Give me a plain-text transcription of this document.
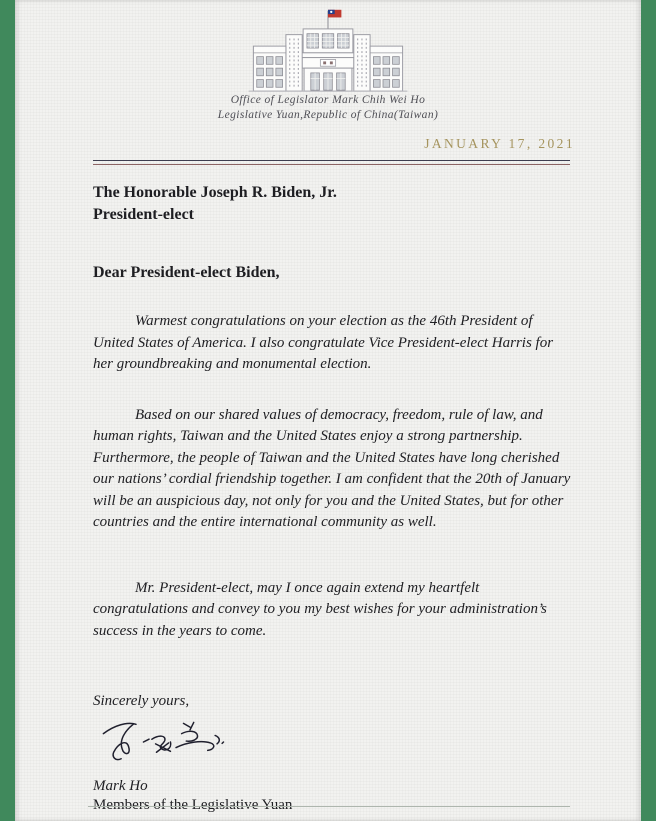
Office of Legislator Mark Chih Wei Ho
Legislative Yuan,Republic of China(Taiwan)
JANUARY 17, 2021
The Honorable Joseph R. Biden, Jr.
President-elect
Dear President-elect Biden,

Warmest congratulations on your election as the 46th President of United States of America. I also congratulate Vice President-elect Harris for her groundbreaking and monumental election.

Based on our shared values of democracy, freedom, rule of law, and human rights, Taiwan and the United States enjoy a strong partnership. Furthermore, the people of Taiwan and the United States have long cherished our nations’ cordial friendship together. I am confident that the 20th of January will be an auspicious day, not only for you and the United States, but for other countries and the entire international community as well.

Mr. President-elect, may I once again extend my heartfelt congratulations and convey to you my best wishes for your administration’s success in the years to come.

Sincerely yours,
Mark Ho
Members of the Legislative Yuan
